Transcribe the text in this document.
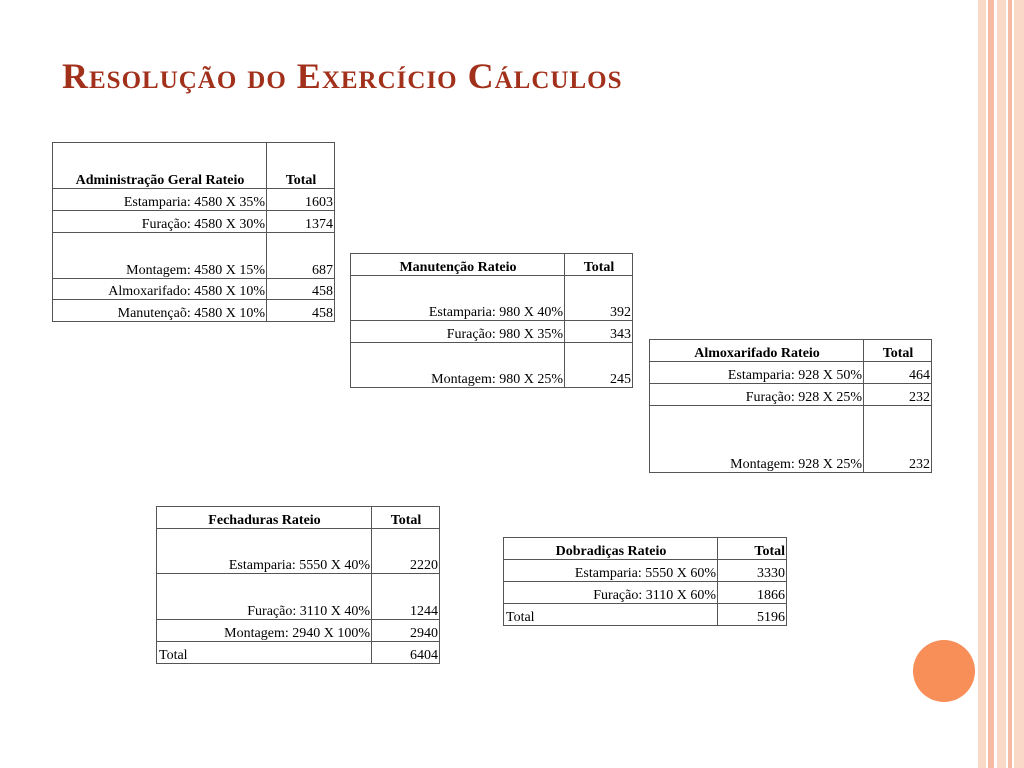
Resolução do Exercício Cálculos
Administração Geral Rateio	Total
Estamparia: 4580 X 35%	1603
Furação: 4580 X 30%	1374
Montagem: 4580 X 15%	687
Almoxarifado: 4580 X 10%	458
Manutençaõ: 4580 X 10%	458
Manutenção Rateio	Total
Estamparia: 980 X 40%	392
Furação: 980 X 35%	343
Montagem: 980 X 25%	245
Almoxarifado Rateio	Total
Estamparia: 928 X 50%	464
Furação: 928 X 25%	232
Montagem: 928 X 25%	232
Fechaduras Rateio	Total
Estamparia: 5550 X 40%	2220
Furação: 3110 X 40%	1244
Montagem: 2940 X 100%	2940
Total	6404
Dobradiças Rateio	Total
Estamparia: 5550 X 60%	3330
Furação: 3110 X 60%	1866
Total	5196
